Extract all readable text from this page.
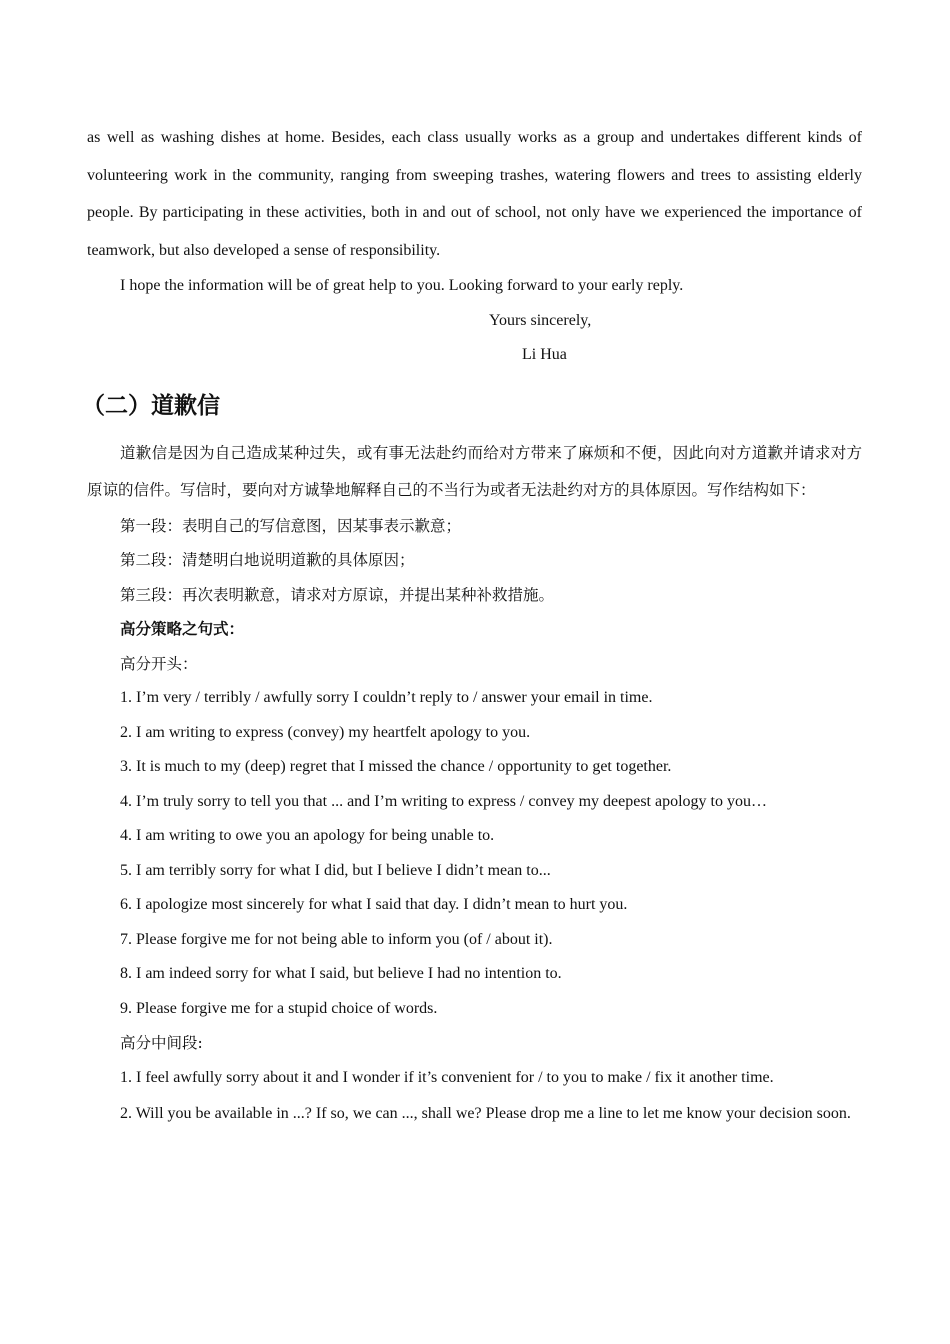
as well as washing dishes at home. Besides, each class usually works as a group and undertakes different kinds of volunteering work in the community, ranging from sweeping trashes, watering flowers and trees to assisting elderly people. By participating in these activities, both in and out of school, not only have we experienced the importance of teamwork, but also developed a sense of responsibility.

I hope the information will be of great help to you. Looking forward to your early reply.

Yours sincerely,

Li Hua

（二）道歉信

道歉信是因为自己造成某种过失，或有事无法赴约而给对方带来了麻烦和不便，因此向对方道歉并请求对方原谅的信件。写信时，要向对方诚挚地解释自己的不当行为或者无法赴约对方的具体原因。写作结构如下：

第一段：表明自己的写信意图，因某事表示歉意；

第二段：清楚明白地说明道歉的具体原因；

第三段：再次表明歉意，请求对方原谅，并提出某种补救措施。

高分策略之句式：

高分开头：

1. I’m very / terribly / awfully sorry I couldn’t reply to / answer your email in time.

2. I am writing to express (convey) my heartfelt apology to you.

3. It is much to my (deep) regret that I missed the chance / opportunity to get together.

4. I’m truly sorry to tell you that ... and I’m writing to express / convey my deepest apology to you…

4. I am writing to owe you an apology for being unable to.

5. I am terribly sorry for what I did, but I believe I didn’t mean to...

6. I apologize most sincerely for what I said that day. I didn’t mean to hurt you.

7. Please forgive me for not being able to inform you (of / about it).

8. I am indeed sorry for what I said, but believe I had no intention to.

9. Please forgive me for a stupid choice of words.

高分中间段:

1. I feel awfully sorry about it and I wonder if it’s convenient for / to you to make / fix it another time.

2. Will you be available in ...? If so, we can ..., shall we? Please drop me a line to let me know your decision soon.
